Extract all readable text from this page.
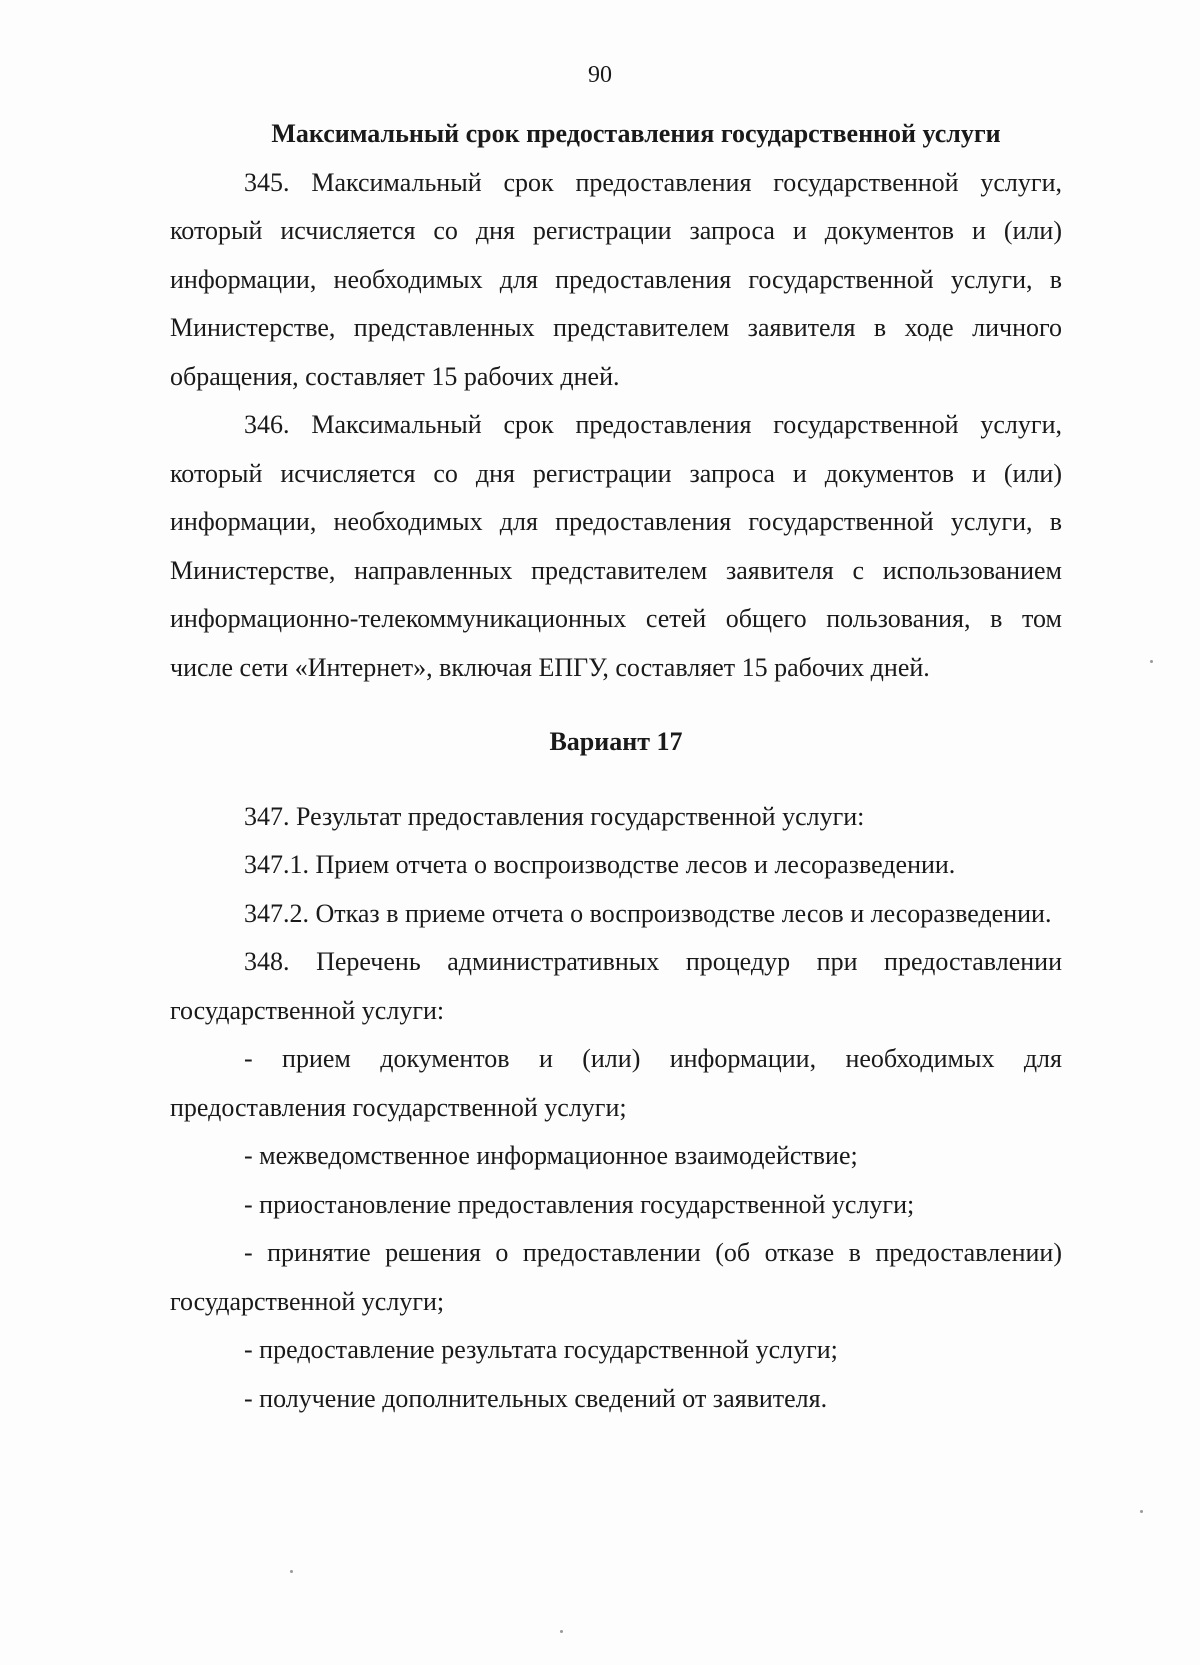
90

Максимальный срок предоставления государственной услуги

345. Максимальный срок предоставления государственной услуги, который исчисляется со дня регистрации запроса и документов и (или) информации, необходимых для предоставления государственной услуги, в Министерстве, представленных представителем заявителя в ходе личного обращения, составляет 15 рабочих дней.

346. Максимальный срок предоставления государственной услуги, который исчисляется со дня регистрации запроса и документов и (или) информации, необходимых для предоставления государственной услуги, в Министерстве, направленных представителем заявителя с использованием информационно-телекоммуникационных сетей общего пользования, в том числе сети «Интернет», включая ЕПГУ, составляет 15 рабочих дней.

Вариант 17

347. Результат предоставления государственной услуги:

347.1. Прием отчета о воспроизводстве лесов и лесоразведении.

347.2. Отказ в приеме отчета о воспроизводстве лесов и лесоразведении.

348. Перечень административных процедур при предоставлении государственной услуги:

- прием документов и (или) информации, необходимых для предоставления государственной услуги;

- межведомственное информационное взаимодействие;

- приостановление предоставления государственной услуги;

- принятие решения о предоставлении (об отказе в предоставлении) государственной услуги;

- предоставление результата государственной услуги;

- получение дополнительных сведений от заявителя.
